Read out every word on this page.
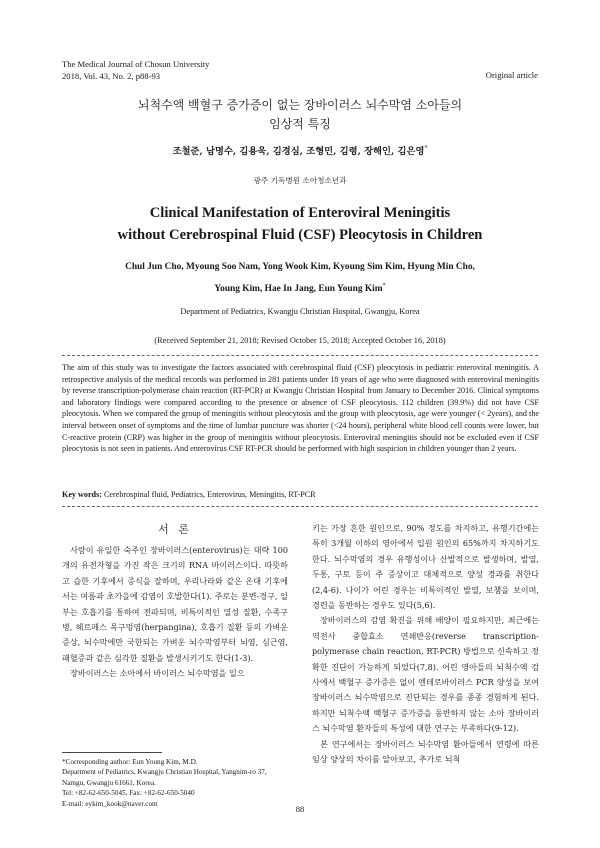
The Medical Journal of Chosun University
2018, Vol. 43, No. 2, p88-93	Original article
뇌척수액 백혈구 증가증이 없는 장바이러스 뇌수막염 소아들의
임상적 특징
조철준, 남명수, 김용욱, 김경심, 조형민, 김령, 장해인, 김은영*
광주 기독병원 소아청소년과
Clinical Manifestation of Enteroviral Meningitis
without Cerebrospinal Fluid (CSF) Pleocytosis in Children
Chul Jun Cho, Myoung Soo Nam, Yong Wook Kim, Kyoung Sim Kim, Hyung Min Cho,
Young Kim, Hae In Jang, Eun Young Kim*
Department of Pediatrics, Kwangju Christian Hospital, Gwangju, Korea
(Received September 21, 2018; Revised October 15, 2018; Accepted October 16, 2018)
The aim of this study was to investigate the factors associated with cerebrospinal fluid (CSF) pleocytosis in pediatric enteroviral meningitis. A retrospective analysis of the medical records was performed in 281 patients under 18 years of age who were diagnosed with enteroviral meningitis by reverse transcription-polymerase chain reaction (RT-PCR) at Kwangju Christian Hospital from January to December 2016. Clinical symptoms and laboratory findings were compared according to the presence or absence of CSF pleocytosis. 112 children (39.9%) did not have CSF pleocytosis. When we compared the group of meningitis without pleocytosis and the group with pleocytosis, age were younger (< 2years), and the interval between onset of symptoms and the time of lumbar puncture was shorter (<24 hours), peripheral white blood cell counts were lower, but C-reactive protein (CRP) was higher in the group of meningitis without pleocytosis. Enteroviral meningitis should not be excluded even if CSF pleocytosis is not seen in patients. And enterovirus CSF RT-PCR should be performed with high suspicion in children younger than 2 years.
Key words: Cerebrospinal fluid, Pediatrics, Enterovirus, Meningitis, RT-PCR
서 론

사람이 유일한 숙주인 장바이러스(enterovirus)는 대략 100개의 유전자형을 가진 작은 크기의 RNA 바이러스이다. 따뜻하고 습한 기후에서 증식을 잘하며, 우리나라와 같은 온대 기후에서는 여름과 초가을에 감염이 호발한다(1). 주로는 분변-경구, 일부는 호흡기를 통하여 전파되며, 비특이적인 열성 질환, 수족구병, 헤르페스 목구멍염(herpangina), 호흡기 질환 등의 가벼운 증상, 뇌수막에만 국한되는 가벼운 뇌수막염부터 뇌염, 심근염, 패혈증과 같은 심각한 질환을 발생시키기도 한다(1-3).

장바이러스는 소아에서 바이러스 뇌수막염을 일으

키는 가장 흔한 원인으로, 90% 정도를 차지하고, 유행기간에는 특히 3개월 이하의 영아에서 입원 원인의 65%까지 차지하기도 한다. 뇌수막염의 경우 유행성이나 산발적으로 발생하며, 발열, 두통, 구토 등이 주 증상이고 대체적으로 양성 경과를 취한다(2,4-6). 나이가 어린 경우는 비특이적인 발열, 보챔을 보이며, 경련을 동반하는 경우도 있다(5,6).

장바이러스의 감염 확진을 위해 배양이 필요하지만, 최근에는 역전사 중합효소 연쇄반응(reverse transcription-polymerase chain reaction, RT-PCR) 방법으로 신속하고 정확한 진단이 가능하게 되었다(7,8). 어린 영아들의 뇌척수액 검사에서 백혈구 증가증은 없이 엔테로바이러스 PCR 양성을 보여 장바이러스 뇌수막염으로 진단되는 경우를 종종 경험하게 된다. 하지만 뇌척수액 백혈구 증가증을 동반하지 않는 소아 장바이러스 뇌수막염 환자들의 특성에 대한 연구는 부족하다(9-12).

본 연구에서는 장바이러스 뇌수막염 환아들에서 연령에 따른 임상 양상의 차이를 알아보고, 추가로 뇌척

*Corresponding author: Eun Young Kim, M.D.
Department of Pediatrics, Kwangju Christian Hospital, Yangnim-ro 37, Namgu, Gwangju 61661, Korea.
Tel: +82-62-650-5045, Fax: +82-62-650-5040
E-mail: eykim_kook@naver.com
88
